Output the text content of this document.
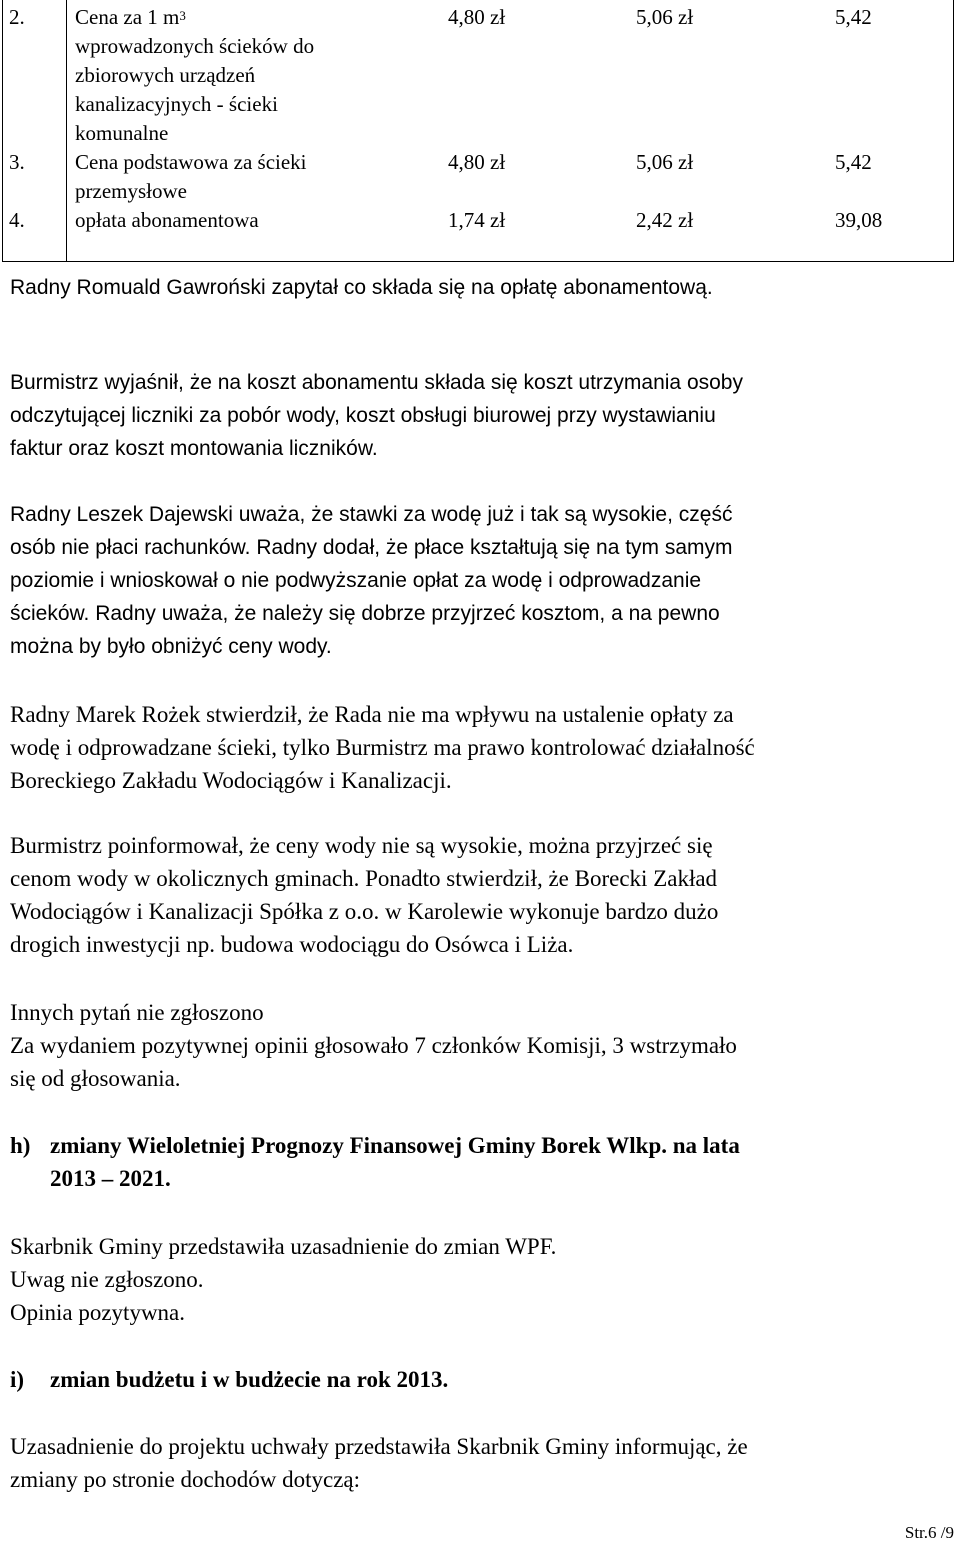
2. Cena za 1 $m^3$
wprowadzonych ścieków do
zbiorowych urządzeń
kanalizacyjnych - ścieki
komunalne
4,80 zł	5,06 zł	5,42
3. Cena podstawowa za ścieki
przemysłowe
4,80 zł	5,06 zł	5,42
4. opłata abonamentowa	1,74 zł	2,42 zł	39,08
Radny Romuald Gawroński zapytał co składa się na opłatę abonamentową.
Burmistrz wyjaśnił, że na koszt abonamentu składa się koszt utrzymania osoby
odczytującej liczniki za pobór wody, koszt obsługi biurowej przy wystawianiu
faktur oraz koszt montowania liczników.
Radny Leszek Dajewski uważa, że stawki za wodę już i tak są wysokie, część
osób nie płaci rachunków. Radny dodał, że płace kształtują się na tym samym
poziomie i wnioskował o nie podwyższanie opłat za wodę i odprowadzanie
ścieków. Radny uważa, że należy się dobrze przyjrzeć kosztom, a na pewno
można by było obniżyć ceny wody.
Radny Marek Rożek stwierdził, że Rada nie ma wpływu na ustalenie opłaty za
wodę i odprowadzane ścieki, tylko Burmistrz ma prawo kontrolować działalność
Boreckiego Zakładu Wodociągów i Kanalizacji.
Burmistrz poinformował, że ceny wody nie są wysokie, można przyjrzeć się
cenom wody w okolicznych gminach. Ponadto stwierdził, że Borecki Zakład
Wodociągów i Kanalizacji Spółka z o.o. w Karolewie wykonuje bardzo dużo
drogich inwestycji np. budowa wodociągu do Osówca i Liża.
Innych pytań nie zgłoszono
Za wydaniem pozytywnej opinii głosowało 7 członków Komisji, 3 wstrzymało
się od głosowania.
h) zmiany Wieloletniej Prognozy Finansowej Gminy Borek Wlkp. na lata
2013 – 2021.
Skarbnik Gminy przedstawiła uzasadnienie do zmian WPF.
Uwag nie zgłoszono.
Opinia pozytywna.
i) zmian budżetu i w budżecie na rok 2013.
Uzasadnienie do projektu uchwały przedstawiła Skarbnik Gminy informując, że
zmiany po stronie dochodów dotyczą:
Str.6 /9
